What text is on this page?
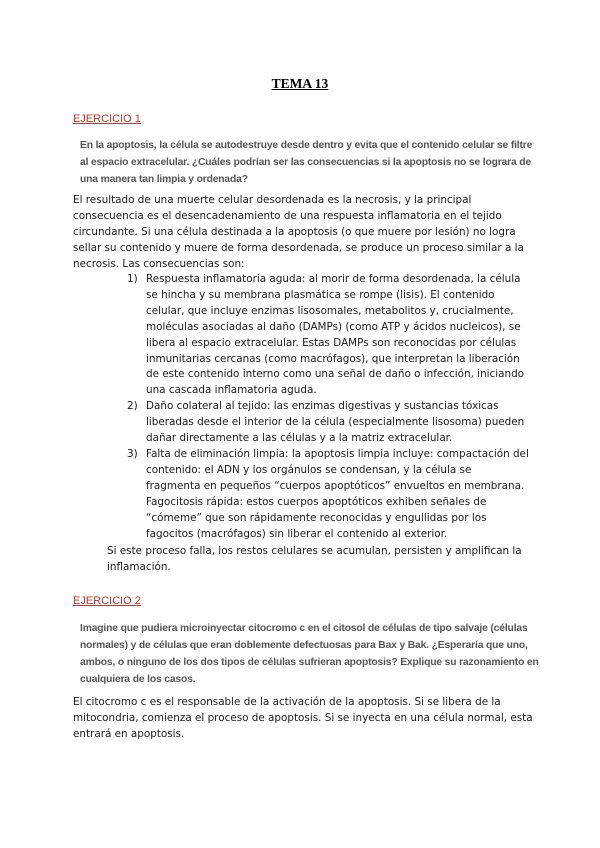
TEMA 13
EJERCICIO 1
En la apoptosis, la célula se autodestruye desde dentro y evita que el contenido celular se filtre al espacio extracelular. ¿Cuáles podrían ser las consecuencias si la apoptosis no se lograra de una manera tan limpia y ordenada?
El resultado de una muerte celular desordenada es la necrosis, y la principal consecuencia es el desencadenamiento de una respuesta inflamatoria en el tejido circundante. Si una célula destinada a la apoptosis (o que muere por lesión) no logra sellar su contenido y muere de forma desordenada, se produce un proceso similar a la necrosis. Las consecuencias son:
1) Respuesta inflamatoria aguda: al morir de forma desordenada, la célula se hincha y su membrana plasmática se rompe (lisis). El contenido celular, que incluye enzimas lisosomales, metabolitos y, crucialmente, moléculas asociadas al daño (DAMPs) (como ATP y ácidos nucleicos), se libera al espacio extracelular. Estas DAMPs son reconocidas por células inmunitarias cercanas (como macrófagos), que interpretan la liberación de este contenido interno como una señal de daño o infección, iniciando una cascada inflamatoria aguda.
2) Daño colateral al tejido: las enzimas digestivas y sustancias tóxicas liberadas desde el interior de la célula (especialmente lisosoma) pueden dañar directamente a las células y a la matriz extracelular.
3) Falta de eliminación limpia: la apoptosis limpia incluye: compactación del contenido: el ADN y los orgánulos se condensan, y la célula se fragmenta en pequeños “cuerpos apoptóticos” envueltos en membrana. Fagocitosis rápida: estos cuerpos apoptóticos exhiben señales de “cómeme” que son rápidamente reconocidas y engullidas por los fagocitos (macrófagos) sin liberar el contenido al exterior.
Si este proceso falla, los restos celulares se acumulan, persisten y amplifican la inflamación.
EJERCICIO 2
Imagine que pudiera microinyectar citocromo c en el citosol de células de tipo salvaje (células normales) y de células que eran doblemente defectuosas para Bax y Bak. ¿Esperaría que uno, ambos, o ninguno de los dos tipos de células sufrieran apoptosis? Explique su razonamiento en cualquiera de los casos.
El citocromo c es el responsable de la activación de la apoptosis. Si se libera de la mitocondria, comienza el proceso de apoptosis. Si se inyecta en una célula normal, esta entrará en apoptosis.
